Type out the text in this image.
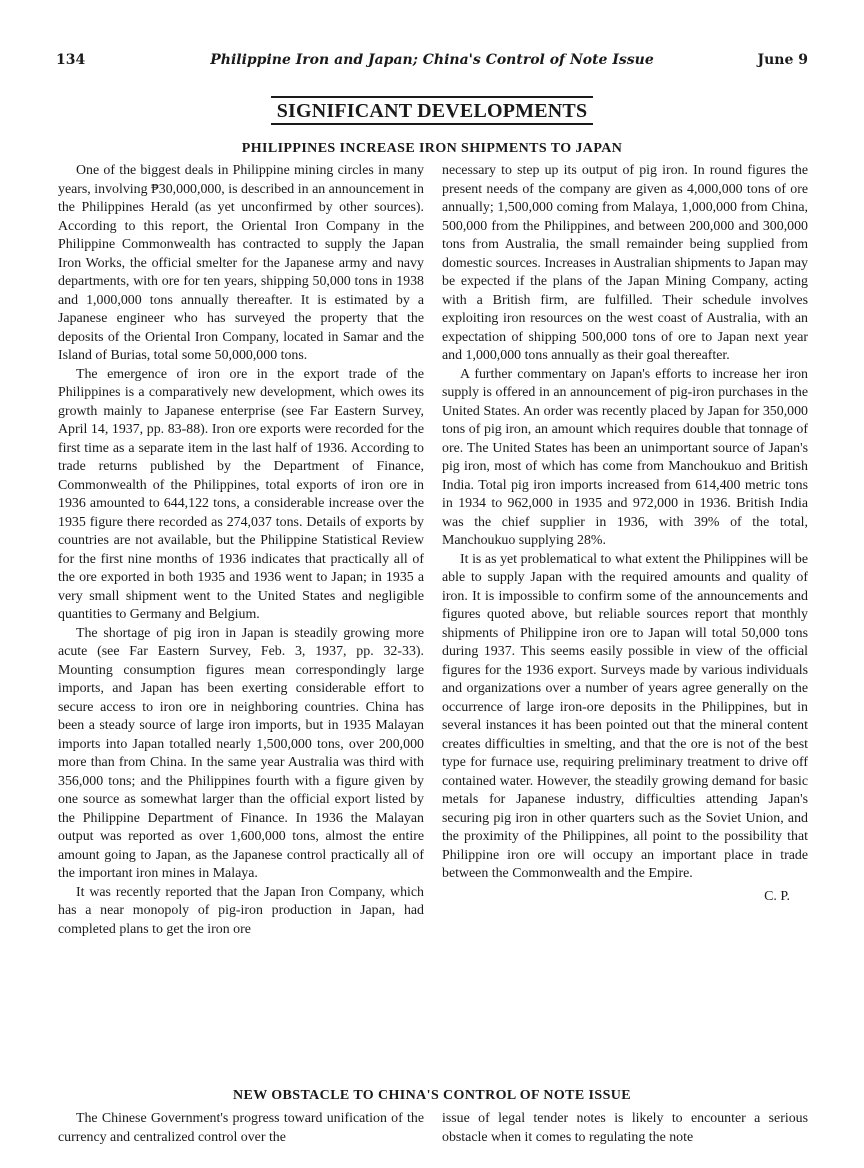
134	Philippine Iron and Japan; China's Control of Note Issue	June 9
SIGNIFICANT DEVELOPMENTS
PHILIPPINES INCREASE IRON SHIPMENTS TO JAPAN

One of the biggest deals in Philippine mining circles in many years, involving ₱30,000,000, is described in an announcement in the Philippines Herald (as yet unconfirmed by other sources). According to this report, the Oriental Iron Company in the Philippine Commonwealth has contracted to supply the Japan Iron Works, the official smelter for the Japanese army and navy departments, with ore for ten years, shipping 50,000 tons in 1938 and 1,000,000 tons annually thereafter. It is estimated by a Japanese engineer who has surveyed the property that the deposits of the Oriental Iron Company, located in Samar and the Island of Burias, total some 50,000,000 tons.

The emergence of iron ore in the export trade of the Philippines is a comparatively new development, which owes its growth mainly to Japanese enterprise (see Far Eastern Survey, April 14, 1937, pp. 83-88). Iron ore exports were recorded for the first time as a separate item in the last half of 1936. According to trade returns published by the Department of Finance, Commonwealth of the Philippines, total exports of iron ore in 1936 amounted to 644,122 tons, a considerable increase over the 1935 figure there recorded as 274,037 tons. Details of exports by countries are not available, but the Philippine Statistical Review for the first nine months of 1936 indicates that practically all of the ore exported in both 1935 and 1936 went to Japan; in 1935 a very small shipment went to the United States and negligible quantities to Germany and Belgium.

The shortage of pig iron in Japan is steadily growing more acute (see Far Eastern Survey, Feb. 3, 1937, pp. 32-33). Mounting consumption figures mean correspondingly large imports, and Japan has been exerting considerable effort to secure access to iron ore in neighboring countries. China has been a steady source of large iron imports, but in 1935 Malayan imports into Japan totalled nearly 1,500,000 tons, over 200,000 more than from China. In the same year Australia was third with 356,000 tons; and the Philippines fourth with a figure given by one source as somewhat larger than the official export listed by the Philippine Department of Finance. In 1936 the Malayan output was reported as over 1,600,000 tons, almost the entire amount going to Japan, as the Japanese control practically all of the important iron mines in Malaya.

It was recently reported that the Japan Iron Company, which has a near monopoly of pig-iron production in Japan, had completed plans to get the iron ore

necessary to step up its output of pig iron. In round figures the present needs of the company are given as 4,000,000 tons of ore annually; 1,500,000 coming from Malaya, 1,000,000 from China, 500,000 from the Philippines, and between 200,000 and 300,000 tons from Australia, the small remainder being supplied from domestic sources. Increases in Australian shipments to Japan may be expected if the plans of the Japan Mining Company, acting with a British firm, are fulfilled. Their schedule involves exploiting iron resources on the west coast of Australia, with an expectation of shipping 500,000 tons of ore to Japan next year and 1,000,000 tons annually as their goal thereafter.

A further commentary on Japan's efforts to increase her iron supply is offered in an announcement of pig-iron purchases in the United States. An order was recently placed by Japan for 350,000 tons of pig iron, an amount which requires double that tonnage of ore. The United States has been an unimportant source of Japan's pig iron, most of which has come from Manchoukuo and British India. Total pig iron imports increased from 614,400 metric tons in 1934 to 962,000 in 1935 and 972,000 in 1936. British India was the chief supplier in 1936, with 39% of the total, Manchoukuo supplying 28%.

It is as yet problematical to what extent the Philippines will be able to supply Japan with the required amounts and quality of iron. It is impossible to confirm some of the announcements and figures quoted above, but reliable sources report that monthly shipments of Philippine iron ore to Japan will total 50,000 tons during 1937. This seems easily possible in view of the official figures for the 1936 export. Surveys made by various individuals and organizations over a number of years agree generally on the occurrence of large iron-ore deposits in the Philippines, but in several instances it has been pointed out that the mineral content creates difficulties in smelting, and that the ore is not of the best type for furnace use, requiring preliminary treatment to drive off contained water. However, the steadily growing demand for basic metals for Japanese industry, difficulties attending Japan's securing pig iron in other quarters such as the Soviet Union, and the proximity of the Philippines, all point to the possibility that Philippine iron ore will occupy an important place in trade between the Commonwealth and the Empire.

C. P.
NEW OBSTACLE TO CHINA'S CONTROL OF NOTE ISSUE

The Chinese Government's progress toward unification of the currency and centralized control over the

issue of legal tender notes is likely to encounter a serious obstacle when it comes to regulating the note
